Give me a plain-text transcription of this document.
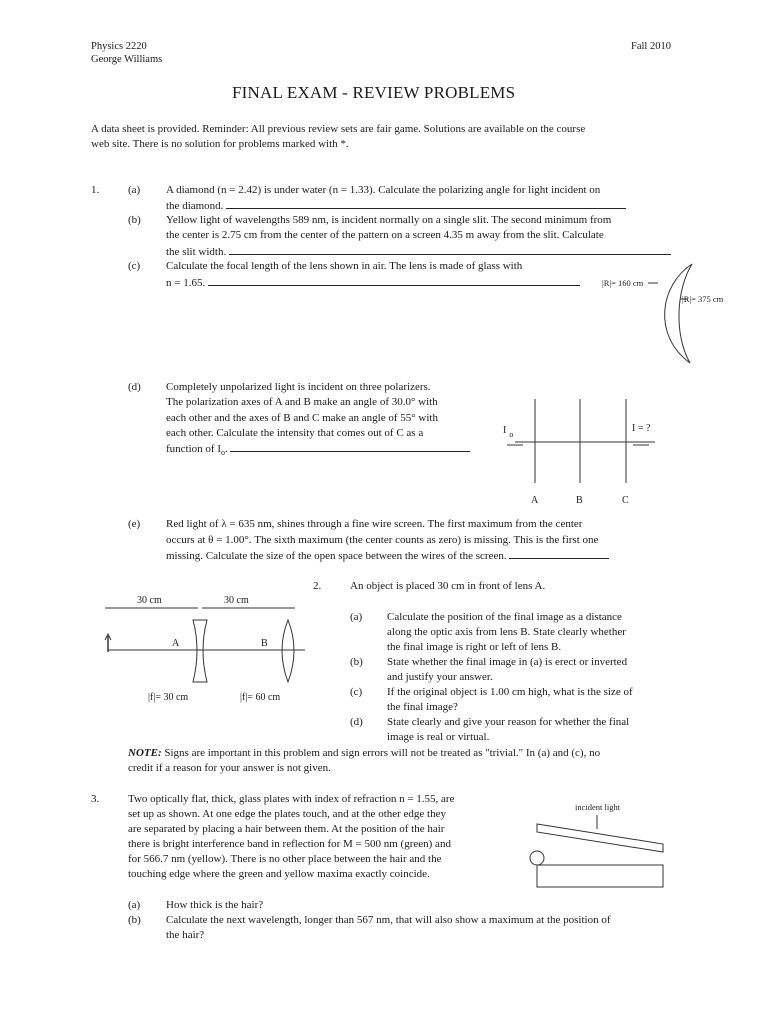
Physics 2220
George Williams
Fall 2010
FINAL EXAM - REVIEW PROBLEMS
A data sheet is provided. Reminder: All previous review sets are fair game. Solutions are available on the course
web site. There is no solution for problems marked with *.
1.	(a) A diamond (n = 2.42) is under water (n = 1.33). Calculate the polarizing angle for light incident on
the diamond.
(b) Yellow light of wavelengths 589 nm, is incident normally on a single slit. The second minimum from
the center is 2.75 cm from the center of the pattern on a screen 4.35 m away from the slit. Calculate
the slit width.
(c) Calculate the focal length of the lens shown in air. The lens is made of glass with
n = 1.65.	|R|= 160 cm
|R|= 375 cm
(d) Completely unpolarized light is incident on three polarizers.
The polarization axes of A and B make an angle of 30.0° with
each other and the axes of B and C make an angle of 55° with
each other. Calculate the intensity that comes out of C as a
function of $I_o$.
I $_o$
I = ?
A	B	C
(e) Red light of λ = 635 nm, shines through a fine wire screen. The first maximum from the center
occurs at θ = 1.00°. The sixth maximum (the center counts as zero) is missing. This is the first one
missing. Calculate the size of the open space between the wires of the screen.
2.	An object is placed 30 cm in front of lens A.
30 cm	30 cm
A	B
|f|= 30 cm	|f|= 60 cm
(a) Calculate the position of the final image as a distance
along the optic axis from lens B. State clearly whether
the final image is right or left of lens B.
(b) State whether the final image in (a) is erect or inverted
and justify your answer.
(c) If the original object is 1.00 cm high, what is the size of
the final image?
(d) State clearly and give your reason for whether the final
image is real or virtual.
NOTE: Signs are important in this problem and sign errors will not be treated as "trivial." In (a) and (c), no
credit if a reason for your answer is not given.
3.	Two optically flat, thick, glass plates with index of refraction n = 1.55, are
set up as shown. At one edge the plates touch, and at the other edge they
are separated by placing a hair between them. At the position of the hair
there is bright interference band in reflection for M = 500 nm (green) and
for 566.7 nm (yellow). There is no other place between the hair and the
touching edge where the green and yellow maxima exactly coincide.
incident light
(a) How thick is the hair?
(b) Calculate the next wavelength, longer than 567 nm, that will also show a maximum at the position of
the hair?
